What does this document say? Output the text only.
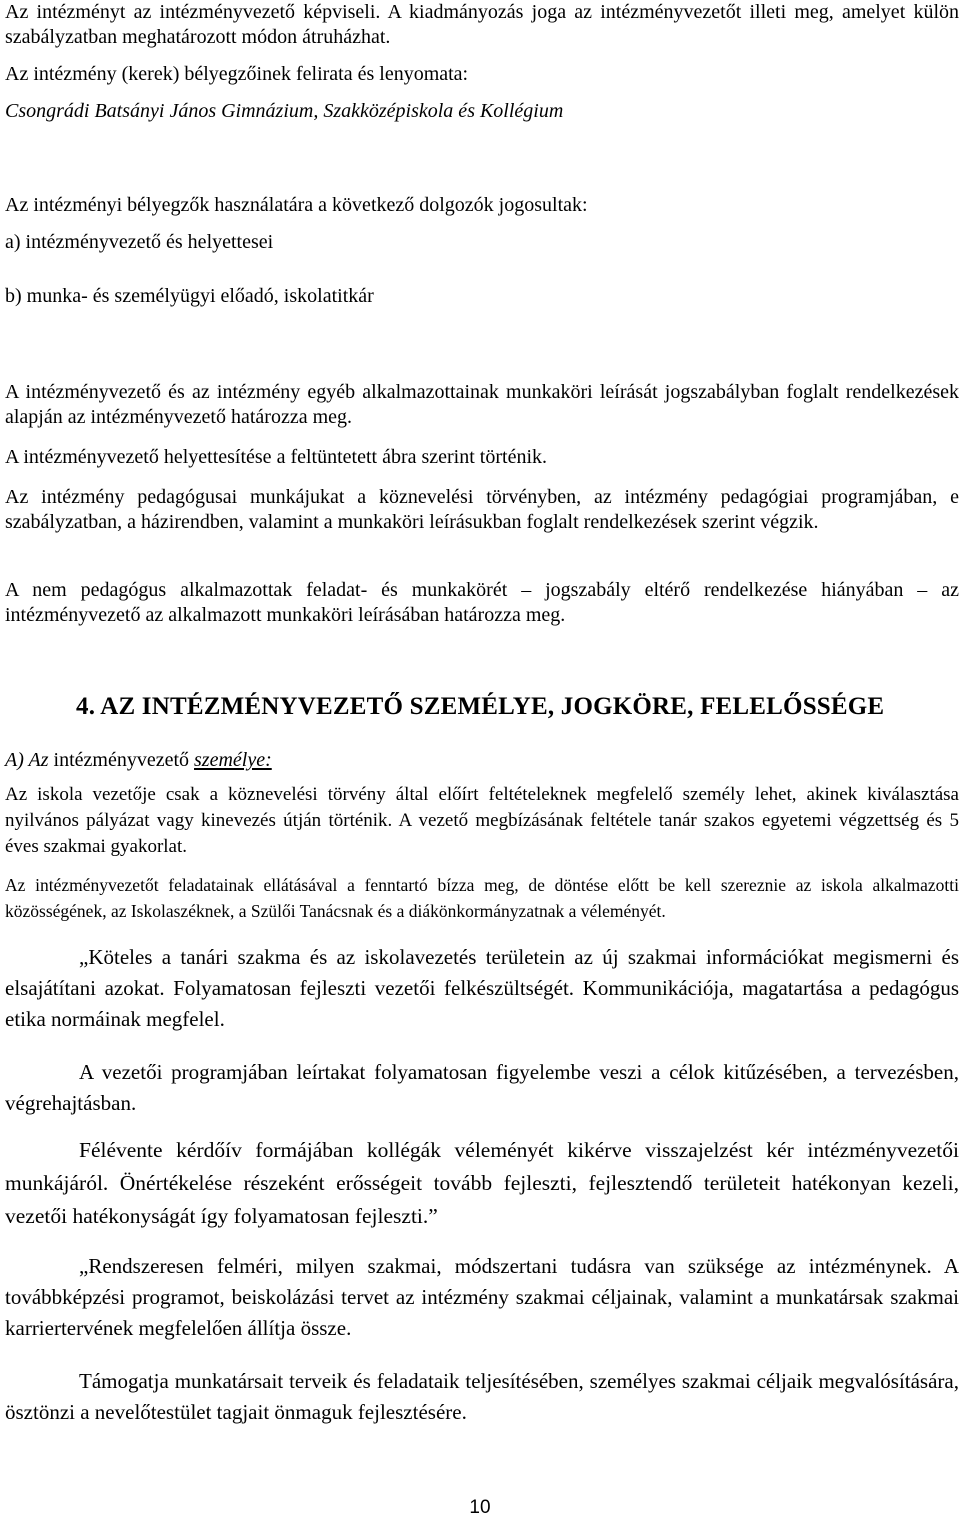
Az intézményt az intézményvezető képviseli. A kiadmányozás joga az intézményvezetőt illeti meg, amelyet külön szabályzatban meghatározott módon átruházhat.

Az intézmény (kerek) bélyegzőinek felirata és lenyomata:

Csongrádi Batsányi János Gimnázium, Szakközépiskola és Kollégium

Az intézményi bélyegzők használatára a következő dolgozók jogosultak:

a) intézményvezető és helyettesei

b) munka- és személyügyi előadó, iskolatitkár

A intézményvezető és az intézmény egyéb alkalmazottainak munkaköri leírását jogszabályban foglalt rendelkezések alapján az intézményvezető határozza meg.

A intézményvezető helyettesítése a feltüntetett ábra szerint történik.

Az intézmény pedagógusai munkájukat a köznevelési törvényben, az intézmény pedagógiai programjában, e szabályzatban, a házirendben, valamint a munkaköri leírásukban foglalt rendelkezések szerint végzik.

A nem pedagógus alkalmazottak feladat- és munkakörét – jogszabály eltérő rendelkezése hiányában – az intézményvezető az alkalmazott munkaköri leírásában határozza meg.

4. AZ INTÉZMÉNYVEZETŐ SZEMÉLYE, JOGKÖRE, FELELŐSSÉGE

A) Az intézményvezető személye:

Az iskola vezetője csak a köznevelési törvény által előírt feltételeknek megfelelő személy lehet, akinek kiválasztása nyilvános pályázat vagy kinevezés útján történik. A vezető megbízásának feltétele tanár szakos egyetemi végzettség és 5 éves szakmai gyakorlat.

Az intézményvezetőt feladatainak ellátásával a fenntartó bízza meg, de döntése előtt be kell szereznie az iskola alkalmazotti közösségének, az Iskolaszéknek, a Szülői Tanácsnak és a diákönkormányzatnak a véleményét.

„Köteles a tanári szakma és az iskolavezetés területein az új szakmai információkat megismerni és elsajátítani azokat. Folyamatosan fejleszti vezetői felkészültségét. Kommunikációja, magatartása a pedagógus etika normáinak megfelel.

A vezetői programjában leírtakat folyamatosan figyelembe veszi a célok kitűzésében, a tervezésben, végrehajtásban.

Félévente kérdőív formájában kollégák véleményét kikérve visszajelzést kér intézményvezetői munkájáról. Önértékelése részeként erősségeit tovább fejleszti, fejlesztendő területeit hatékonyan kezeli, vezetői hatékonyságát így folyamatosan fejleszti.”

„Rendszeresen felméri, milyen szakmai, módszertani tudásra van szüksége az intézménynek. A továbbképzési programot, beiskolázási tervet az intézmény szakmai céljainak, valamint a munkatársak szakmai karriertervének megfelelően állítja össze.

Támogatja munkatársait terveik és feladataik teljesítésében, személyes szakmai céljaik megvalósítására, ösztönzi a nevelőtestület tagjait önmaguk fejlesztésére.

10
